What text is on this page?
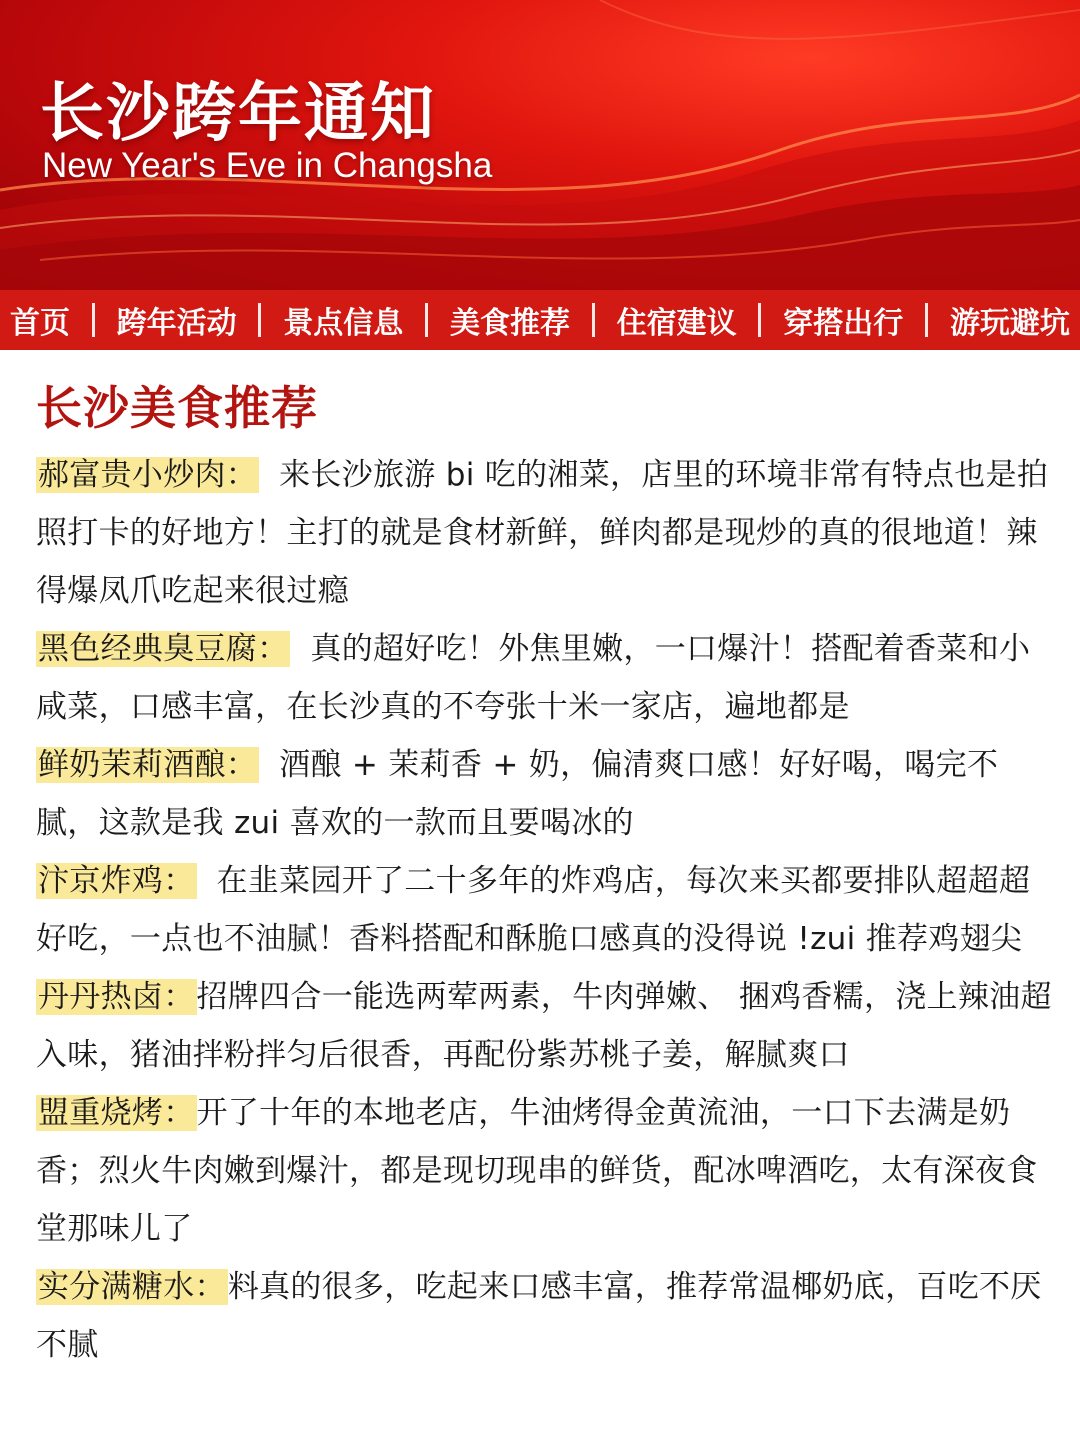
长沙跨年通知

New Year's Eve in Changsha

首页 跨年活动 景点信息 美食推荐 住宿建议 穿搭出行 游玩避坑
长沙美食推荐

郝富贵小炒肉： 来长沙旅游 bi 吃的湘菜，店里的环境非常有特点也是拍照打卡的好地方！主打的就是食材新鲜，鲜肉都是现炒的真的很地道！辣得爆凤爪吃起来很过瘾

黑色经典臭豆腐： 真的超好吃！外焦里嫩，一口爆汁！搭配着香菜和小咸菜，口感丰富，在长沙真的不夸张十米一家店，遍地都是

鲜奶茉莉酒酿： 酒酿 + 茉莉香 + 奶，偏清爽口感！好好喝，喝完不腻，这款是我 zui 喜欢的一款而且要喝冰的

汴京炸鸡： 在韭菜园开了二十多年的炸鸡店，每次来买都要排队超超超好吃，一点也不油腻！香料搭配和酥脆口感真的没得说 !zui 推荐鸡翅尖

丹丹热卤：招牌四合一能选两荤两素，牛肉弹嫩、 捆鸡香糯，浇上辣油超入味，猪油拌粉拌匀后很香，再配份紫苏桃子姜，解腻爽口

盟重烧烤：开了十年的本地老店，牛油烤得金黄流油，一口下去满是奶香；烈火牛肉嫩到爆汁，都是现切现串的鲜货，配冰啤酒吃，太有深夜食堂那味儿了

实分满糖水：料真的很多，吃起来口感丰富，推荐常温椰奶底，百吃不厌 不腻
